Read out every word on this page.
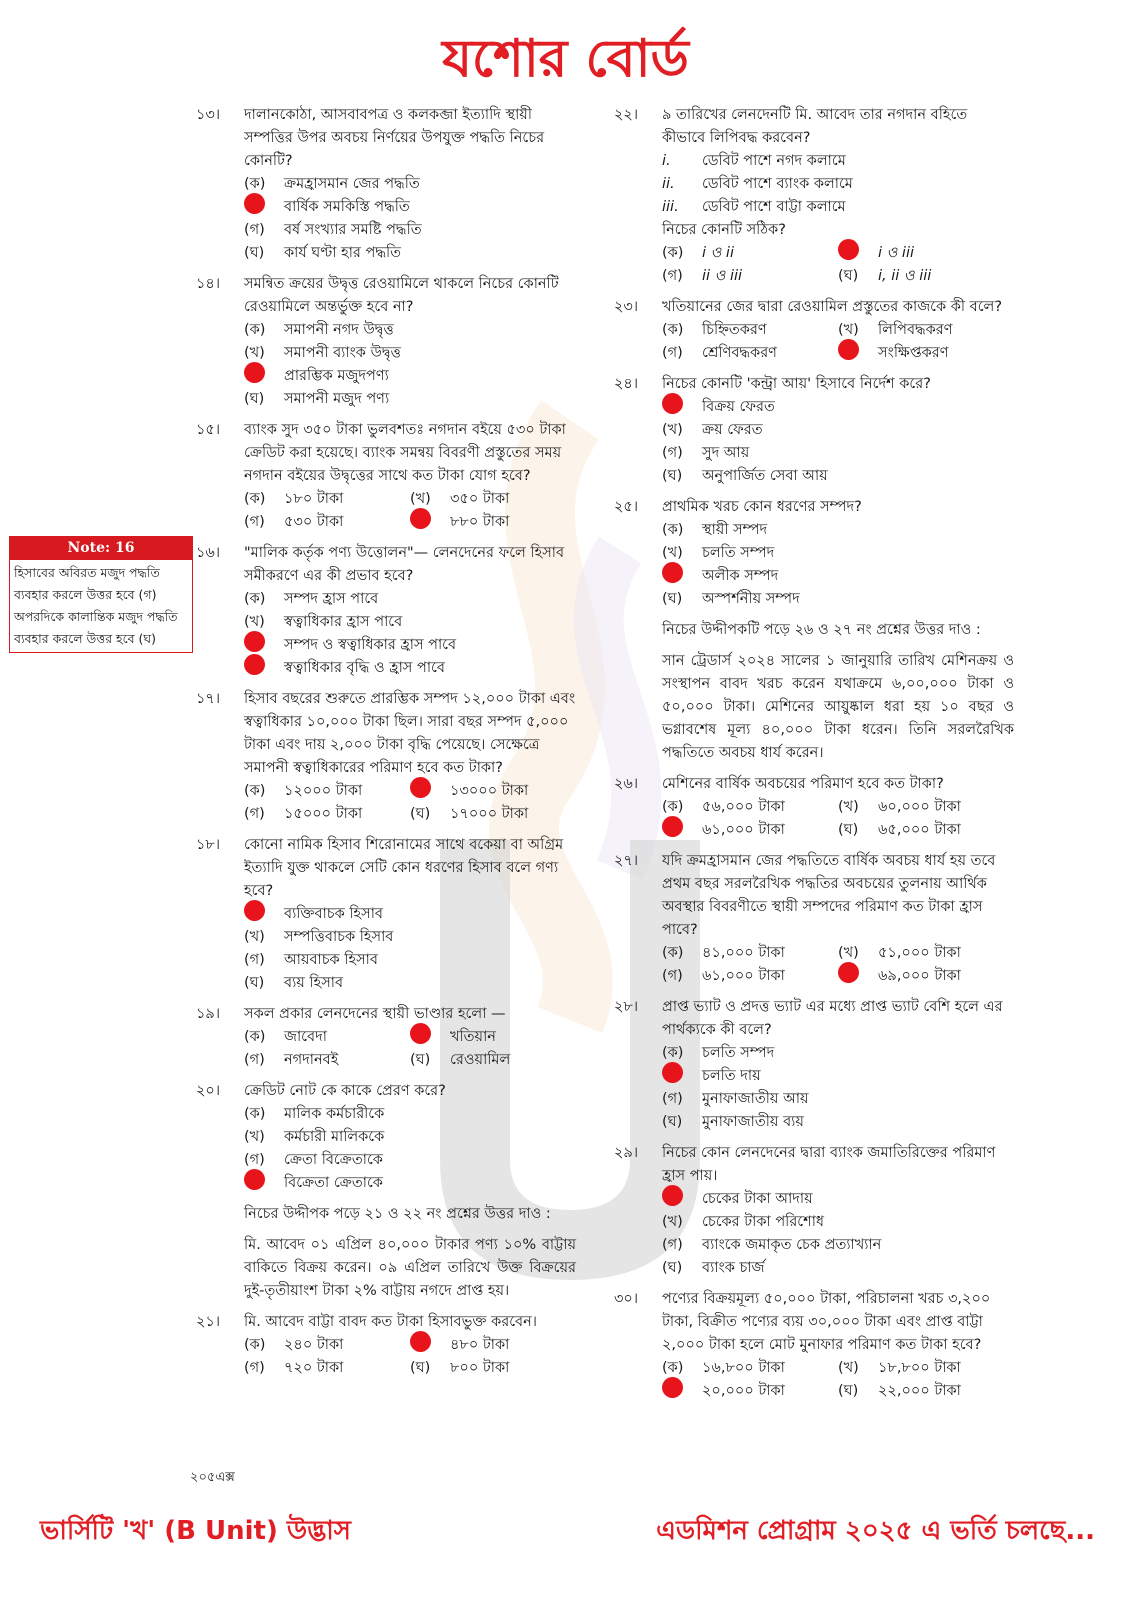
যশোর বোর্ড
Note: 16
হিসাবের অবিরত মজুদ পদ্ধতি
ব্যবহার করলে উত্তর হবে (গ)
অপরদিকে কালান্তিক মজুদ পদ্ধতি
ব্যবহার করলে উত্তর হবে (ঘ)
১৩।	দালানকোঠা, আসবাবপত্র ও কলকব্জা ইত্যাদি স্থায়ী সম্পত্তির উপর অবচয় নির্ণয়ের উপযুক্ত পদ্ধতি নিচের কোনটি?
(ক)	ক্রমহ্রাসমান জের পদ্ধতি
বার্ষিক সমকিস্তি পদ্ধতি
(গ)	বর্ষ সংখ্যার সমষ্টি পদ্ধতি
(ঘ)	কার্য ঘণ্টা হার পদ্ধতি
১৪।	সমন্বিত ক্রয়ের উদ্বৃত্ত রেওয়ামিলে থাকলে নিচের কোনটি রেওয়ামিলে অন্তর্ভুক্ত হবে না?
(ক)	সমাপনী নগদ উদ্বৃত্ত
(খ)	সমাপনী ব্যাংক উদ্বৃত্ত
প্রারম্ভিক মজুদপণ্য
(ঘ)	সমাপনী মজুদ পণ্য
১৫।	ব্যাংক সুদ ৩৫০ টাকা ভুলবশতঃ নগদান বইয়ে ৫৩০ টাকা ক্রেডিট করা হয়েছে। ব্যাংক সমন্বয় বিবরণী প্রস্তুতের সময় নগদান বইয়ের উদ্বৃত্তের সাথে কত টাকা যোগ হবে?
(ক)	১৮০ টাকা	(খ)	৩৫০ টাকা
(গ)	৫৩০ টাকা	৮৮০ টাকা
১৬।	"মালিক কর্তৃক পণ্য উত্তোলন"— লেনদেনের ফলে হিসাব সমীকরণে এর কী প্রভাব হবে?
(ক)	সম্পদ হ্রাস পাবে
(খ)	স্বত্বাধিকার হ্রাস পাবে
সম্পদ ও স্বত্বাধিকার হ্রাস পাবে
স্বত্বাধিকার বৃদ্ধি ও হ্রাস পাবে
১৭।	হিসাব বছরের শুরুতে প্রারম্ভিক সম্পদ ১২,০০০ টাকা এবং স্বত্বাধিকার ১০,০০০ টাকা ছিল। সারা বছর সম্পদ ৫,০০০ টাকা এবং দায় ২,০০০ টাকা বৃদ্ধি পেয়েছে। সেক্ষেত্রে সমাপনী স্বত্বাধিকারের পরিমাণ হবে কত টাকা?
(ক)	১২০০০ টাকা	১৩০০০ টাকা
(গ)	১৫০০০ টাকা	(ঘ)	১৭০০০ টাকা
১৮।	কোনো নামিক হিসাব শিরোনামের সাথে বকেয়া বা অগ্রিম ইত্যাদি যুক্ত থাকলে সেটি কোন ধরণের হিসাব বলে গণ্য হবে?
ব্যক্তিবাচক হিসাব
(খ)	সম্পত্তিবাচক হিসাব
(গ)	আয়বাচক হিসাব
(ঘ)	ব্যয় হিসাব
১৯।	সকল প্রকার লেনদেনের স্থায়ী ভাণ্ডার হলো —
(ক)	জাবেদা	খতিয়ান
(গ)	নগদানবই	(ঘ)	রেওয়ামিল
২০।	ক্রেডিট নোট কে কাকে প্রেরণ করে?
(ক)	মালিক কর্মচারীকে
(খ)	কর্মচারী মালিককে
(গ)	ক্রেতা বিক্রেতাকে
বিক্রেতা ক্রেতাকে
নিচের উদ্দীপক পড়ে ২১ ও ২২ নং প্রশ্নের উত্তর দাও :
মি. আবেদ ০১ এপ্রিল ৪০,০০০ টাকার পণ্য ১০% বাট্টায় বাকিতে বিক্রয় করেন। ০৯ এপ্রিল তারিখে উক্ত বিক্রয়ের দুই-তৃতীয়াংশ টাকা ২% বাট্টায় নগদে প্রাপ্ত হয়।
২১।	মি. আবেদ বাট্টা বাবদ কত টাকা হিসাবভুক্ত করবেন।
(ক)	২৪০ টাকা	৪৮০ টাকা
(গ)	৭২০ টাকা	(ঘ)	৮০০ টাকা
২২।	৯ তারিখের লেনদেনটি মি. আবেদ তার নগদান বহিতে কীভাবে লিপিবদ্ধ করবেন?
i.	ডেবিট পাশে নগদ কলামে
ii.	ডেবিট পাশে ব্যাংক কলামে
iii.	ডেবিট পাশে বাট্টা কলামে
নিচের কোনটি সঠিক?
(ক)	i ও ii	i ও iii
(গ)	ii ও iii	(ঘ)	i, ii ও iii
২৩।	খতিয়ানের জের দ্বারা রেওয়ামিল প্রস্তুতের কাজকে কী বলে?
(ক)	চিহ্নিতকরণ	(খ)	লিপিবদ্ধকরণ
(গ)	শ্রেণিবদ্ধকরণ	সংক্ষিপ্তকরণ
২৪।	নিচের কোনটি 'কন্ট্রা আয়' হিসাবে নির্দেশ করে?
বিক্রয় ফেরত
(খ)	ক্রয় ফেরত
(গ)	সুদ আয়
(ঘ)	অনুপার্জিত সেবা আয়
২৫।	প্রাথমিক খরচ কোন ধরণের সম্পদ?
(ক)	স্থায়ী সম্পদ
(খ)	চলতি সম্পদ
অলীক সম্পদ
(ঘ)	অস্পর্শনীয় সম্পদ
নিচের উদ্দীপকটি পড়ে ২৬ ও ২৭ নং প্রশ্নের উত্তর দাও :
সান ট্রেডার্স ২০২৪ সালের ১ জানুয়ারি তারিখ মেশিনক্রয় ও সংস্থাপন বাবদ খরচ করেন যথাক্রমে ৬,০০,০০০ টাকা ও ৫০,০০০ টাকা। মেশিনের আয়ুষ্কাল ধরা হয় ১০ বছর ও ভগ্নাবশেষ মূল্য ৪০,০০০ টাকা ধরেন। তিনি সরলরৈখিক পদ্ধতিতে অবচয় ধার্য করেন।
২৬।	মেশিনের বার্ষিক অবচয়ের পরিমাণ হবে কত টাকা?
(ক)	৫৬,০০০ টাকা	(খ)	৬০,০০০ টাকা
৬১,০০০ টাকা	(ঘ)	৬৫,০০০ টাকা
২৭।	যদি ক্রমহ্রাসমান জের পদ্ধতিতে বার্ষিক অবচয় ধার্য হয় তবে প্রথম বছর সরলরৈখিক পদ্ধতির অবচয়ের তুলনায় আর্থিক অবস্থার বিবরণীতে স্থায়ী সম্পদের পরিমাণ কত টাকা হ্রাস পাবে?
(ক)	৪১,০০০ টাকা	(খ)	৫১,০০০ টাকা
(গ)	৬১,০০০ টাকা	৬৯,০০০ টাকা
২৮।	প্রাপ্ত ভ্যাট ও প্রদত্ত ভ্যাট এর মধ্যে প্রাপ্ত ভ্যাট বেশি হলে এর পার্থক্যকে কী বলে?
(ক)	চলতি সম্পদ
চলতি দায়
(গ)	মুনাফাজাতীয় আয়
(ঘ)	মুনাফাজাতীয় ব্যয়
২৯।	নিচের কোন লেনদেনের দ্বারা ব্যাংক জমাতিরিক্তের পরিমাণ হ্রাস পায়।
চেকের টাকা আদায়
(খ)	চেকের টাকা পরিশোধ
(গ)	ব্যাংকে জমাকৃত চেক প্রত্যাখ্যান
(ঘ)	ব্যাংক চার্জ
৩০।	পণ্যের বিক্রয়মূল্য ৫০,০০০ টাকা, পরিচালনা খরচ ৩,২০০ টাকা, বিক্রীত পণ্যের ব্যয় ৩০,০০০ টাকা এবং প্রাপ্ত বাট্টা ২,০০০ টাকা হলে মোট মুনাফার পরিমাণ কত টাকা হবে?
(ক)	১৬,৮০০ টাকা	(খ)	১৮,৮০০ টাকা
২০,০০০ টাকা	(ঘ)	২২,০০০ টাকা
২০৫এক্স
ভার্সিটি 'খ' (B Unit) উদ্ভাস	এডমিশন প্রোগ্রাম ২০২৫ এ ভর্তি চলছে...
